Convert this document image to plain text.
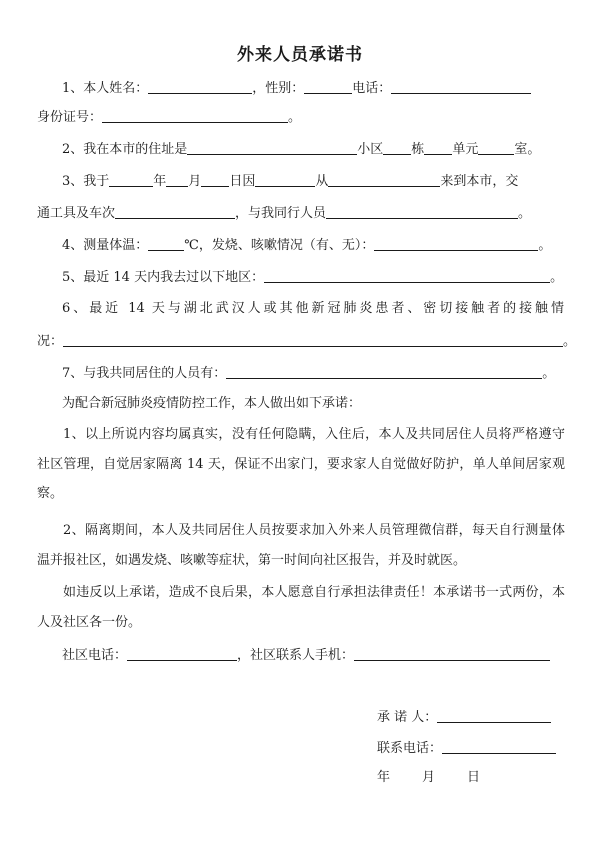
外来人员承诺书
1、本人姓名：	，性别：	电话：
身份证号：	。
2、我在本市的住址是	小区 栋 单元	室。
3、我于	年 月 日因	从	来到本市，交
通工具及车次	，与我同行人员	。
4、测量体温：	℃，发烧、咳嗽情况（有、无）：	。
5、最近 14 天内我去过以下地区：	。
6、最近 14 天与湖北武汉人或其他新冠肺炎患者、密切接触者的接触情
况：	。
7、与我共同居住的人员有：	。
为配合新冠肺炎疫情防控工作，本人做出如下承诺：
1、以上所说内容均属真实，没有任何隐瞒，入住后，本人及共同居住人员将严格遵守社区管理，自觉居家隔离 14 天，保证不出家门，要求家人自觉做好防护，单人单间居家观察。
2、隔离期间，本人及共同居住人员按要求加入外来人员管理微信群，每天自行测量体温并报社区，如遇发烧、咳嗽等症状，第一时间向社区报告，并及时就医。
如违反以上承诺，造成不良后果，本人愿意自行承担法律责任！本承诺书一式两份，本人及社区各一份。
社区电话：	，社区联系人手机：
承 诺 人：
联系电话：
年 月 日
